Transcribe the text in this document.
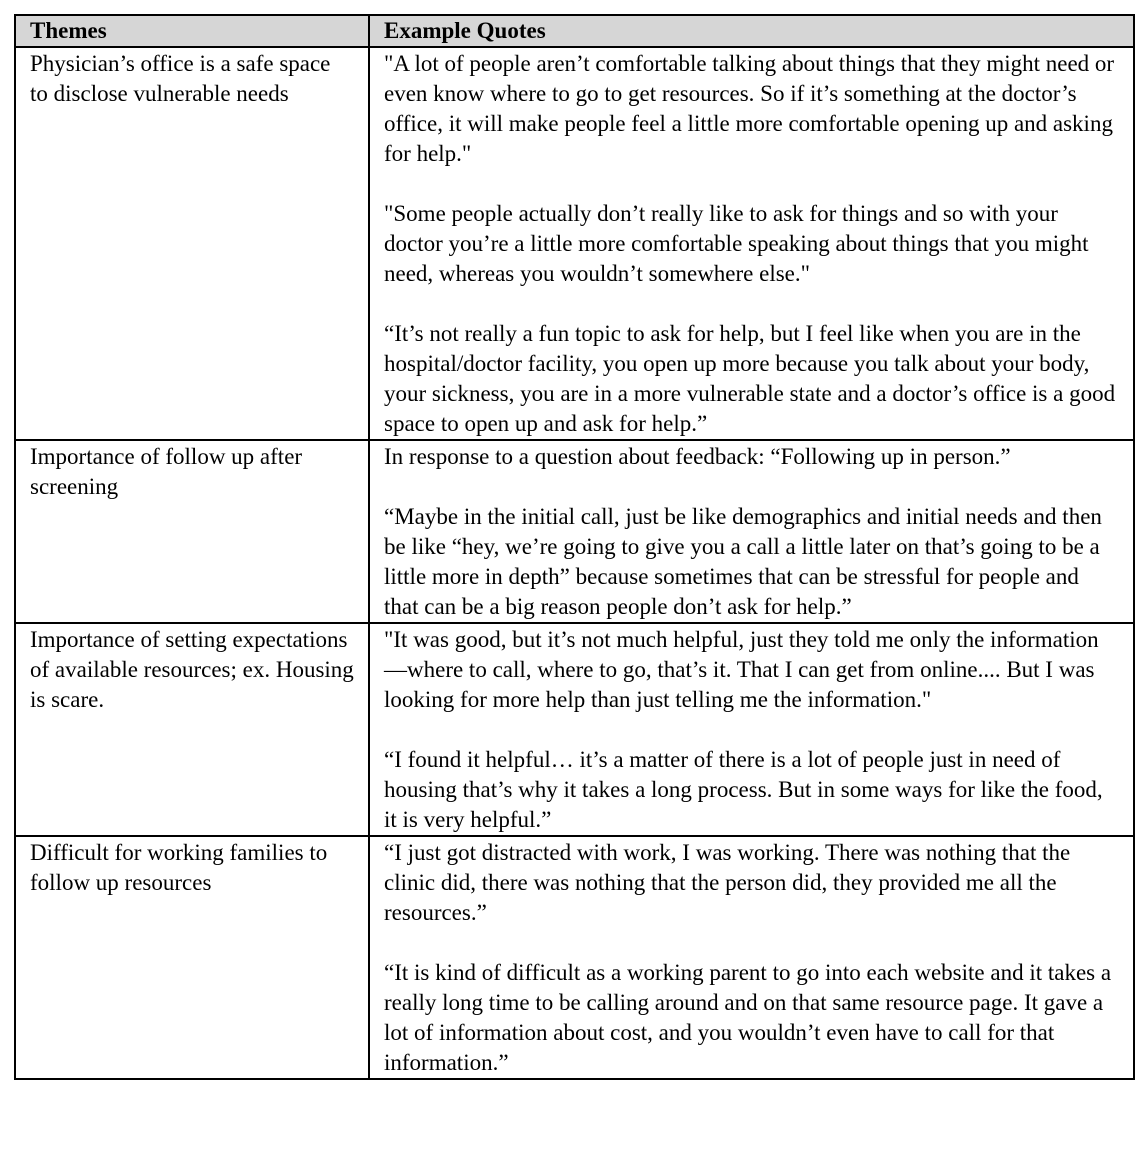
Themes	Example Quotes
Physician’s office is a safe space to disclose vulnerable needs	"A lot of people aren’t comfortable talking about things that they might need or even know where to go to get resources. So if it’s something at the doctor’s office, it will make people feel a little more comfortable opening up and asking for help."

"Some people actually don’t really like to ask for things and so with your doctor you’re a little more comfortable speaking about things that you might need, whereas you wouldn’t somewhere else."

“It’s not really a fun topic to ask for help, but I feel like when you are in the hospital/doctor facility, you open up more because you talk about your body, your sickness, you are in a more vulnerable state and a doctor’s office is a good space to open up and ask for help.”

Importance of follow up after screening	In response to a question about feedback: “Following up in person.”

“Maybe in the initial call, just be like demographics and initial needs and then be like “hey, we’re going to give you a call a little later on that’s going to be a little more in depth” because sometimes that can be stressful for people and that can be a big reason people don’t ask for help.”

Importance of setting expectations of available resources; ex. Housing is scare.	"It was good, but it’s not much helpful, just they told me only the information—where to call, where to go, that’s it. That I can get from online.... But I was looking for more help than just telling me the information."

“I found it helpful… it’s a matter of there is a lot of people just in need of housing that’s why it takes a long process. But in some ways for like the food, it is very helpful.”

Difficult for working families to follow up resources	“I just got distracted with work, I was working. There was nothing that the clinic did, there was nothing that the person did, they provided me all the resources.”

“It is kind of difficult as a working parent to go into each website and it takes a really long time to be calling around and on that same resource page. It gave a lot of information about cost, and you wouldn’t even have to call for that information.”
